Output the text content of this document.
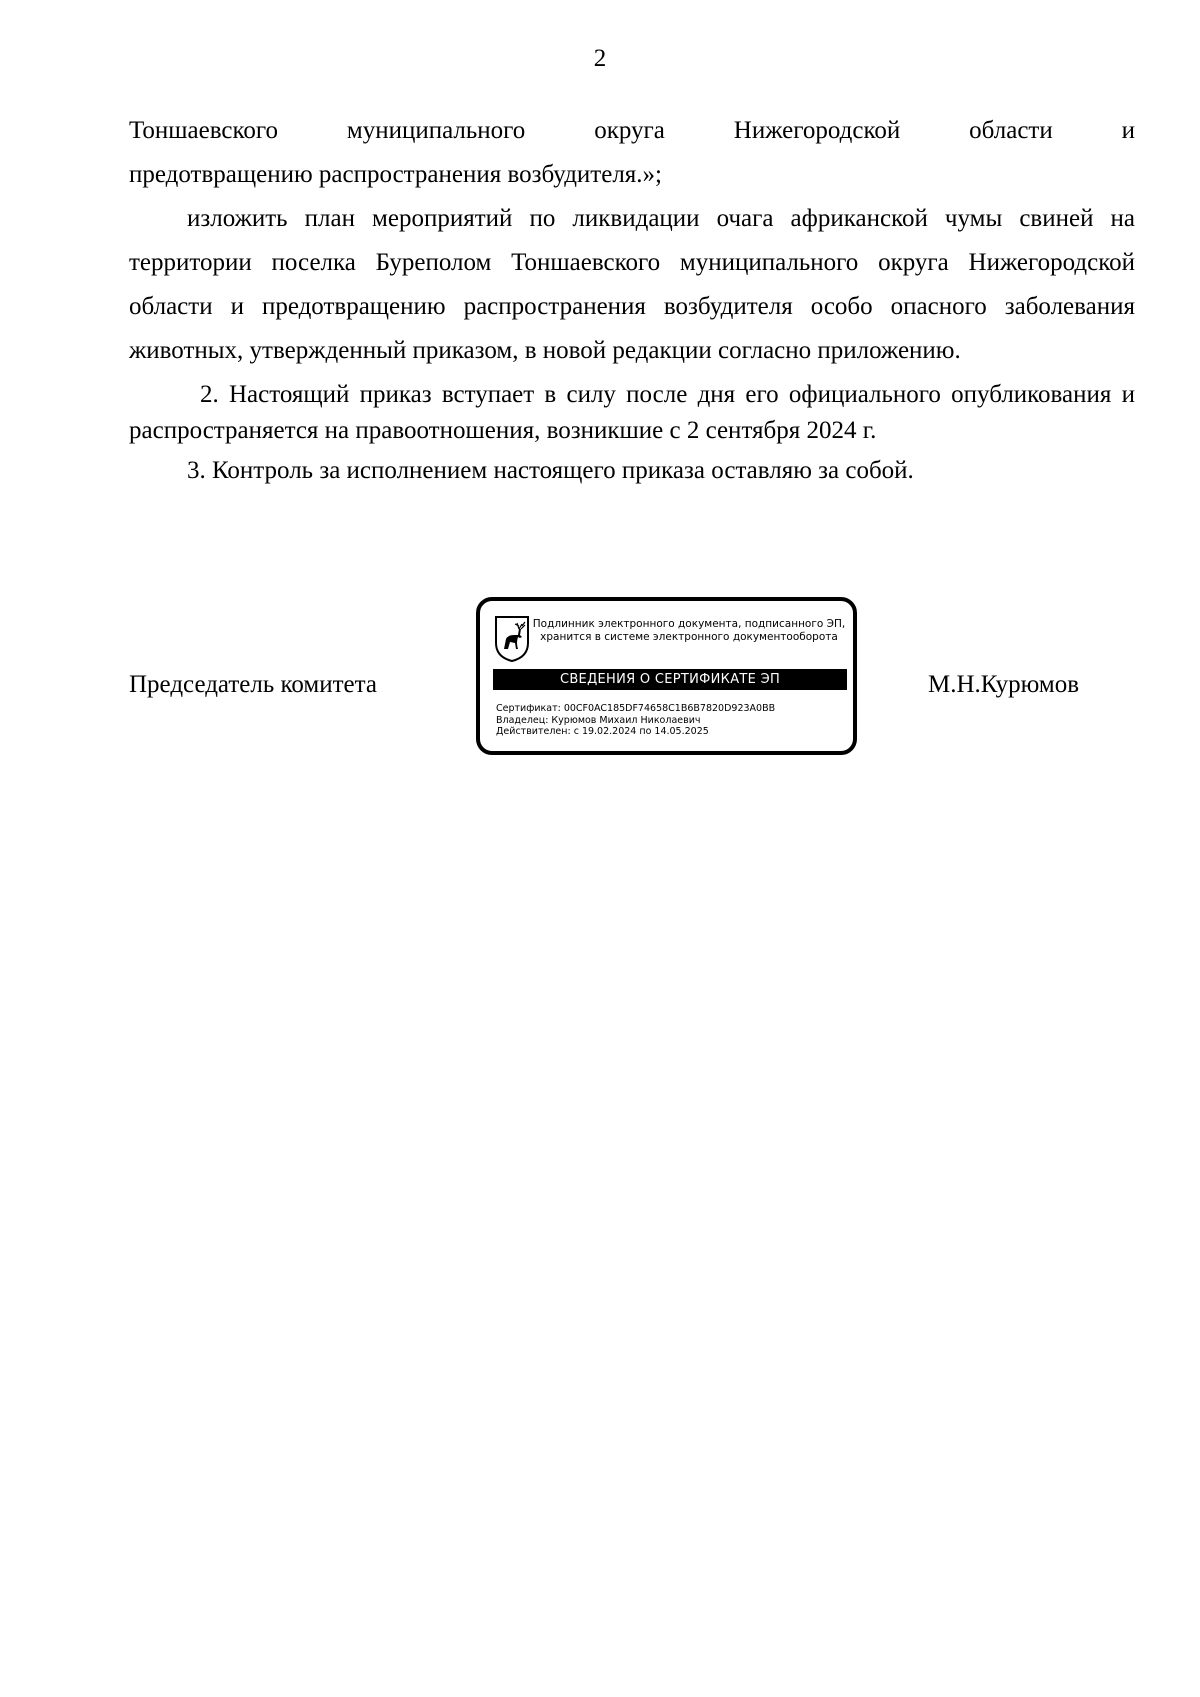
2

Тоншаевского	муниципального	округа	Нижегородской	области	и
предотвращению распространения возбудителя.»;

изложить план мероприятий по ликвидации очага африканской чумы свиней на территории поселка Бурепол​ом Тоншаевского муниципального округа Нижегородской области и предотвращению распространения возбудителя особо опасного заболевания животных, утвержденный приказом, в новой редакции согласно приложению.

2. Настоящий приказ вступает в силу после дня его официального опубликования и распространяется на правоотношения, возникшие с 2 сентября 2024 г.

3. Контроль за исполнением настоящего приказа оставляю за собой.

Председатель комитета
Подлинник электронного документа, подписанного ЭП,
хранится в системе электронного документооборота
СВЕДЕНИЯ О СЕРТИФИКАТЕ ЭП
Сертификат: 00CF0AC185DF74658C1B6B7820D923A0BB
Владелец: Курюмов Михаил Николаевич
Действителен: с 19.02.2024 по 14.05.2025
М.Н.Курюмов
